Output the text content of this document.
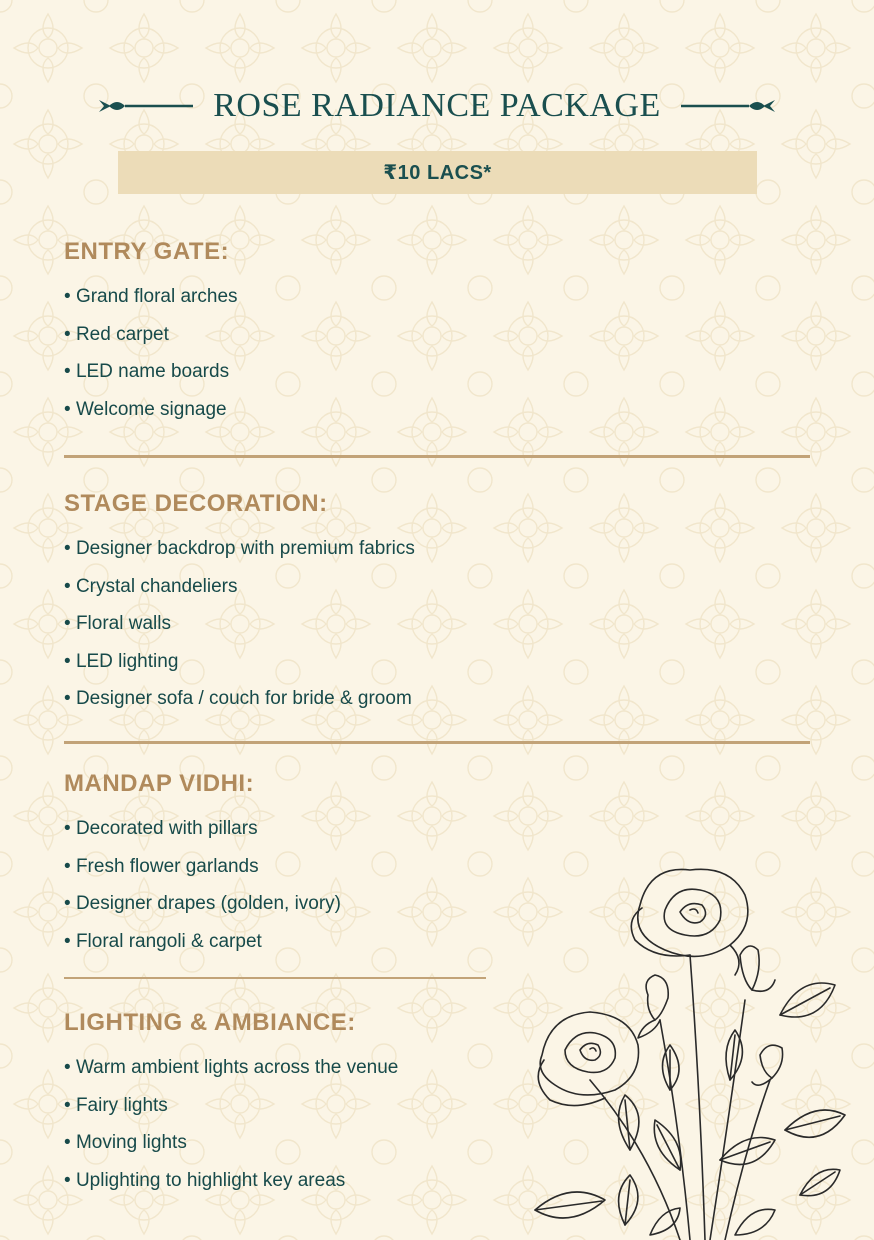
ROSE RADIANCE PACKAGE
₹10 LACS*
ENTRY GATE:
• Grand floral arches
• Red carpet
• LED name boards
• Welcome signage
STAGE DECORATION:
• Designer backdrop with premium fabrics
• Crystal chandeliers
• Floral walls
• LED lighting
• Designer sofa / couch for bride & groom
MANDAP VIDHI:
• Decorated with pillars
• Fresh flower garlands
• Designer drapes (golden, ivory)
• Floral rangoli & carpet
LIGHTING & AMBIANCE:
• Warm ambient lights across the venue
• Fairy lights
• Moving lights
• Uplighting to highlight key areas
